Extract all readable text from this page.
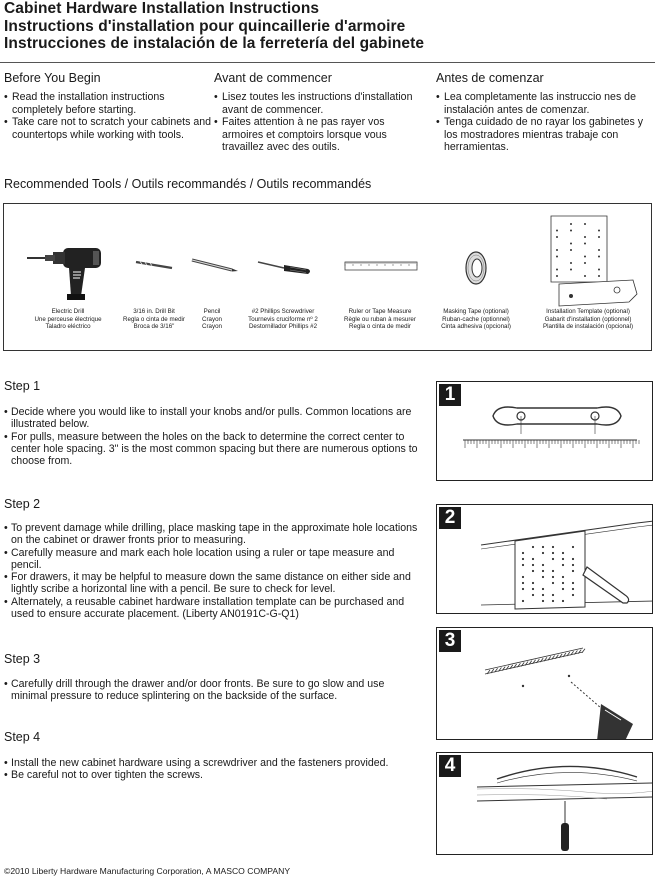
Cabinet Hardware Installation Instructions
Instructions d'installation pour quincaillerie d'armoire
Instrucciones de instalación de la ferretería del gabinete
Before You Begin
• Read the installation instructions completely before starting.
• Take care not to scratch your cabinets and countertops while working with tools.
Avant de commencer
• Lisez toutes les instructions d'installation avant de commencer.
• Faites attention à ne pas rayer vos armoires et comptoirs lorsque vous travaillez avec des outils.
Antes de comenzar
• Lea completamente las instruccio nes de instalación antes de comenzar.
• Tenga cuidado de no rayar los gabinetes y los mostradores mientras trabaje con herramientas.
Recommended Tools / Outils recommandés / Outils recommandés
Electric Drill
Une perceuse électrique
Taladro eléctrico
3/16 in. Drill Bit
Regla o cinta de medir
Broca de 3/16"
Pencil
Crayon
Crayon
#2 Phillips Screwdriver
Tournevis cruciforme nº 2
Destornillador Phillips #2
Ruler or Tape Measure
Règle ou ruban à mesurer
Regla o cinta de medir
Masking Tape (optional)
Ruban-cache (optionnel)
Cinta adhesiva (opcional)
Installation Template (optional)
Gabarit d'installation (optionnel)
Plantilla de instalación (opcional)
Step 1
• Decide where you would like to install your knobs and/or pulls. Common locations are illustrated below.
• For pulls, measure between the holes on the back to determine the correct center to center hole spacing. 3" is the most common spacing but there are numerous options to choose from.
1
Step 2
• To prevent damage while drilling, place masking tape in the approximate hole locations on the cabinet or drawer fronts prior to measuring.
• Carefully measure and mark each hole location using a ruler or tape measure and pencil.
• For drawers, it may be helpful to measure down the same distance on either side and lightly scribe a horizontal line with a pencil. Be sure to check for level.
• Alternately, a reusable cabinet hardware installation template can be purchased and used to ensure accurate placement. (Liberty AN0191C-G-Q1)
2
Step 3
• Carefully drill through the drawer and/or door fronts. Be sure to go slow and use minimal pressure to reduce splintering on the backside of the surface.
3
Step 4
• Install the new cabinet hardware using a screwdriver and the fasteners provided.
• Be careful not to over tighten the screws.	4
©2010 Liberty Hardware Manufacturing Corporation, A MASCO COMPANY
